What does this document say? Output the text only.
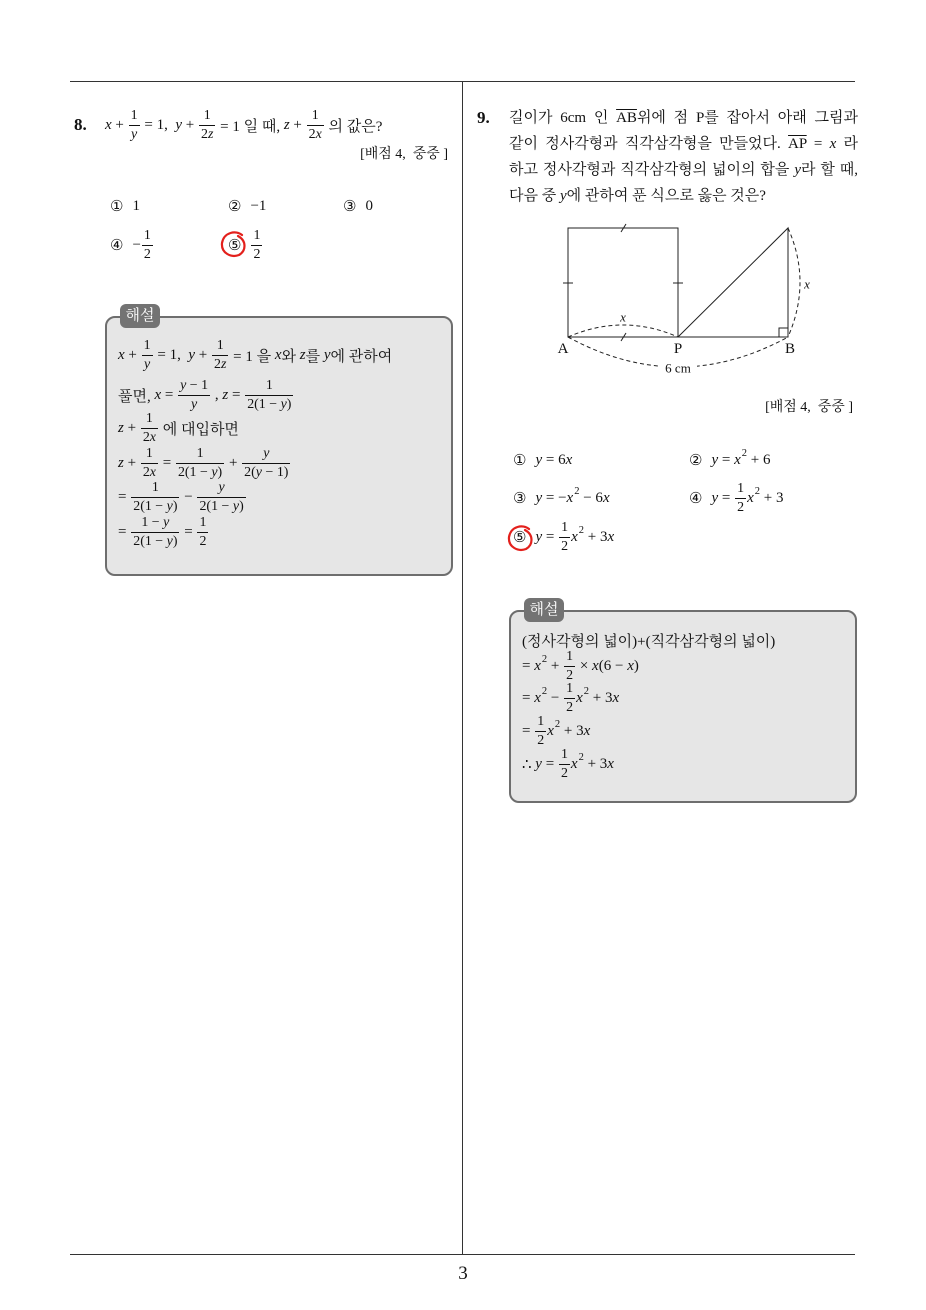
3
8. $x + \frac{1}{y} = 1$, $y + \frac{1}{2 z} = 1$ 일 때, $z + \frac{1}{2 x}$ 의 값은?
[배점 4,  중중 ]
① 1	② −1	③ 0
④ − $\frac{1}{2}$	⑤ $\frac{1}{2}$
$x + \frac{1}{y} = 1$, $y + \frac{1}{2 z} = 1$ 을 x 와 z 를 y 에 관하여
풀면, $x = \frac{y - 1}{y}$ , $z = \frac{1}{2(1 - y )}$
$z + \frac{1}{2 x}$ 에 대입하면
$z + \frac{1}{2 x} = \frac{1}{2(1 - y )} + \frac{y}{2( y - 1)}$
= $\frac{1}{2(1 - y )} - \frac{y}{2(1 - y )}$
= $\frac{1 - y}{2(1 - y )} = \frac{1}{2}$
해설
9. 길이가 6cm 인 $\overline{AB}$위에 점 P를 잡아서 아래 그림과
같이 정사각형과 직각삼각형을 만들었다. $\overline{AP} = x$ 라
하고 정사각형과 직각삼각형의 넓이의 합을 y라 할 때,
다음 중 y에 관하여 푼 식으로 옳은 것은?
x
x
6 cm
A	P	B
[배점 4,  중중 ]
① y = 6 x	② y = x 2 + 6
③ y = − x 2 − 6 x	④ $y = \frac{1}{2}$ x 2 + 3
⑤ $y = \frac{1}{2}$ x 2 + 3 x
(정사각형의 넓이)+(직각삼각형의 넓이)
= x $2 + \frac{1}{2} \times x$ (6 − x )
= x $2 - \frac{1}{2}$ x 2 + 3 x
= $\frac{1}{2}$ x 2 + 3 x
∴ $y = \frac{1}{2}$ x 2 + 3 x
해설
